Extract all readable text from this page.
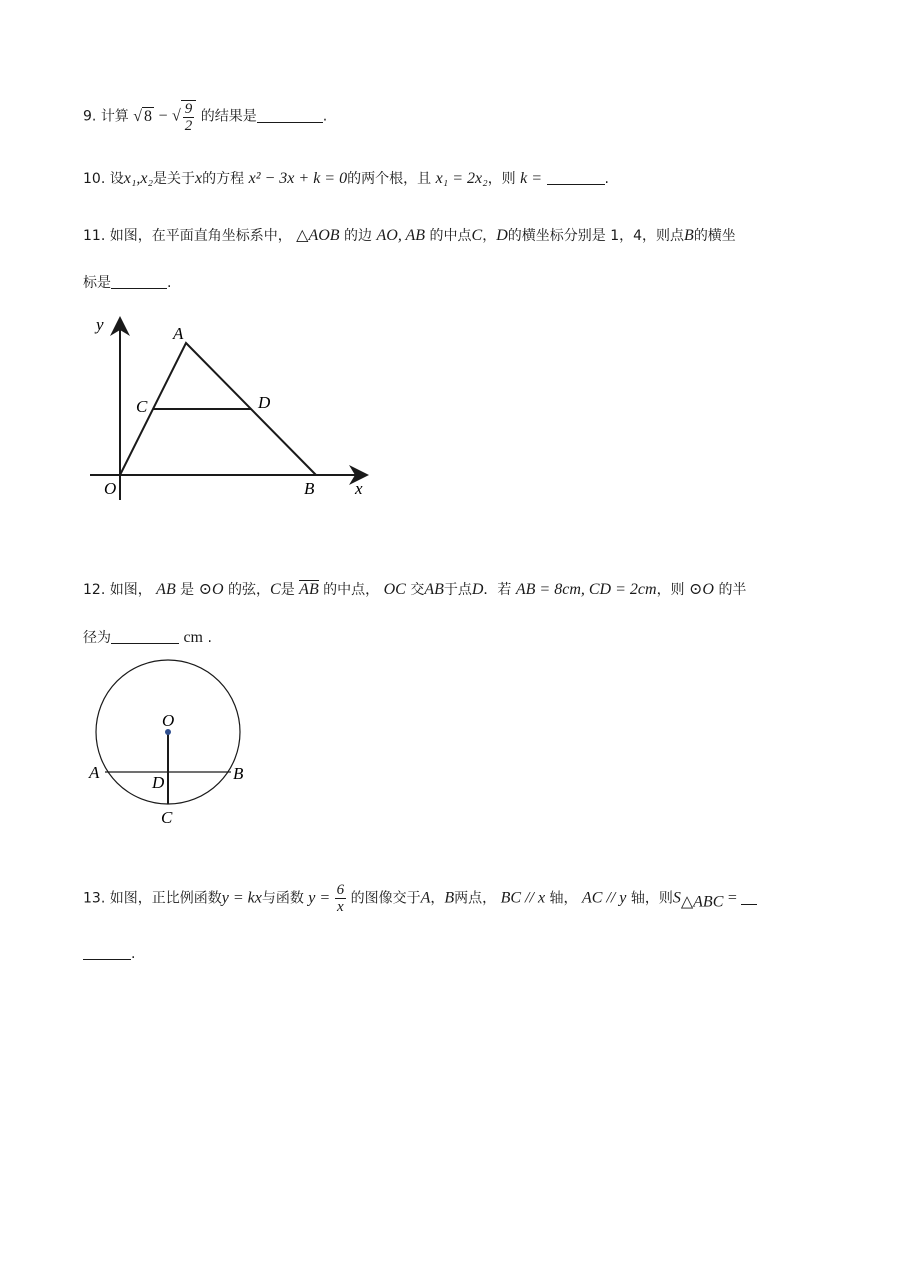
9. 计算 √ 8 − √ $\frac{9}{2}$ 的结果是	.
10. 设x₁,x₂是关于x的方程 x² − 3x + k = 0的两个根，且 x₁ = 2x₂，则 k =	.
11. 如图，在平面直角坐标系中， △AOB 的边 AO, AB 的中点C，D的横坐标分别是 1，4，则点B的横坐
标是	.
y
x
A
B
C	D
O
12. 如图， AB 是 ⊙O 的弦，C是 AB 的中点， OC 交AB于点D．若 AB = 8cm, CD = 2cm，则 ⊙O 的半
径为	cm .
O
A	B
D
C
13. 如图，正比例函数y = kx与函数 $y = \frac{6}{x}$ 的图像交于A，B两点， BC // x 轴， AC // y 轴，则$S_{\triangle ABC}$ =
.
